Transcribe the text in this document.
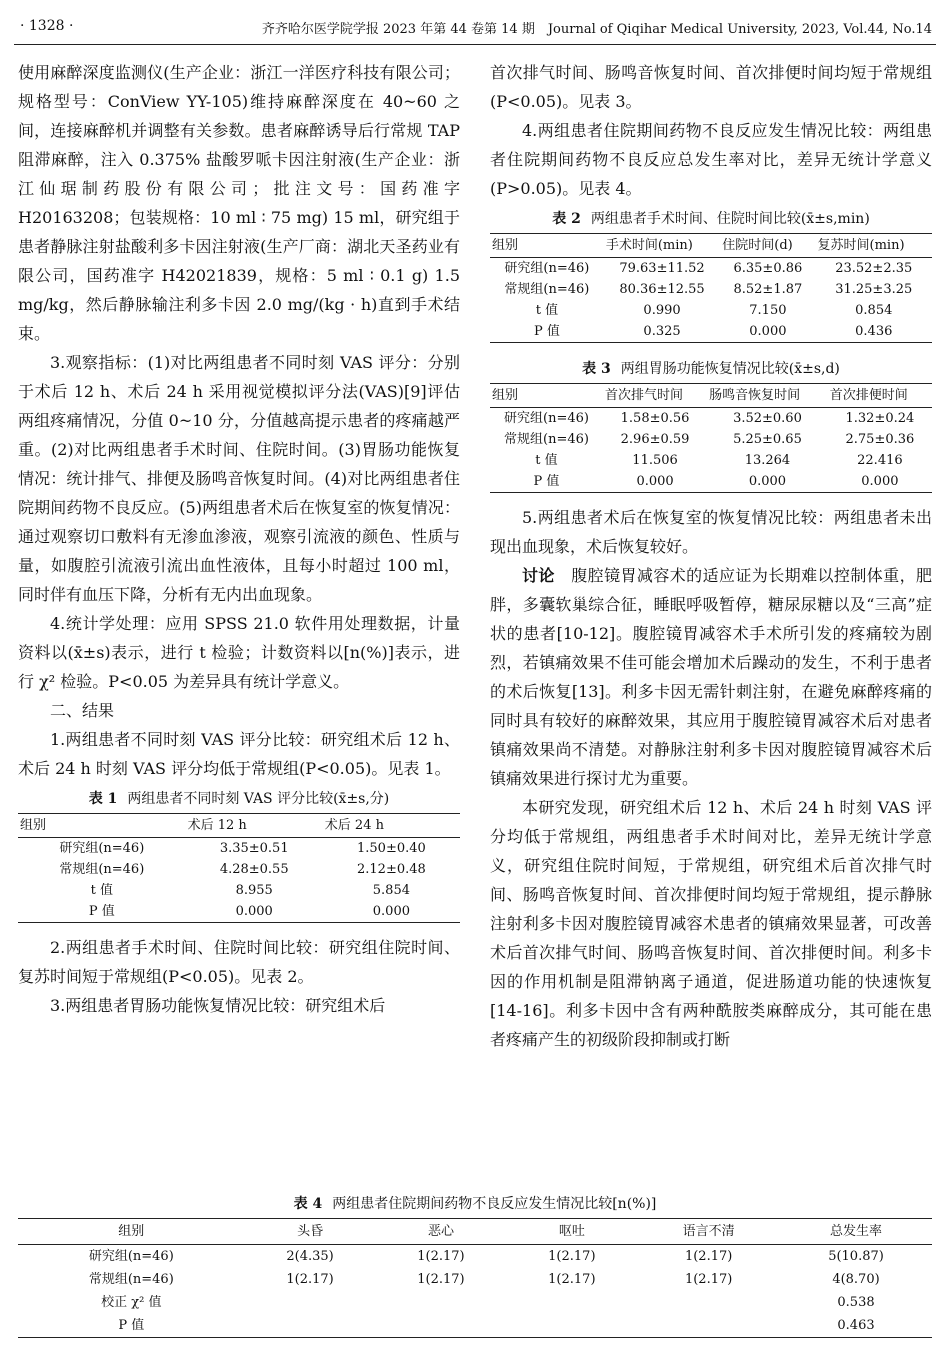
· 1328 ·	齐齐哈尔医学院学报 2023 年第 44 卷第 14 期　Journal of Qiqihar Medical University, 2023, Vol.44, No.14

使用麻醉深度监测仪(生产企业：浙江一洋医疗科技有限公司；规格型号：ConView YY-105)维持麻醉深度在 40~60 之间，连接麻醉机并调整有关参数。患者麻醉诱导后行常规 TAP 阻滞麻醉，注入 0.375% 盐酸罗哌卡因注射液(生产企业：浙江仙琚制药股份有限公司；批注文号：国药准字 H20163208；包装规格：10 ml ∶ 75 mg) 15 ml，研究组于患者静脉注射盐酸利多卡因注射液(生产厂商：湖北天圣药业有限公司，国药准字 H42021839，规格：5 ml ∶ 0.1 g) 1.5 mg/kg，然后静脉输注利多卡因 2.0 mg/(kg · h)直到手术结束。

3.观察指标：(1)对比两组患者不同时刻 VAS 评分：分别于术后 12 h、术后 24 h 采用视觉模拟评分法(VAS)[9]评估两组疼痛情况，分值 0~10 分，分值越高提示患者的疼痛越严重。(2)对比两组患者手术时间、住院时间。(3)胃肠功能恢复情况：统计排气、排便及肠鸣音恢复时间。(4)对比两组患者住院期间药物不良反应。(5)两组患者术后在恢复室的恢复情况：通过观察切口敷料有无渗血渗液，观察引流液的颜色、性质与量，如腹腔引流液引流出血性液体，且每小时超过 100 ml，同时伴有血压下降，分析有无内出血现象。

4.统计学处理：应用 SPSS 21.0 软件用处理数据，计量资料以(x̄±s)表示，进行 t 检验；计数资料以[n(%)]表示，进行 χ² 检验。P<0.05 为差异具有统计学意义。

二、结果

1.两组患者不同时刻 VAS 评分比较：研究组术后 12 h、术后 24 h 时刻 VAS 评分均低于常规组(P<0.05)。见表 1。

表 1 两组患者不同时刻 VAS 评分比较(x̄±s,分)
组别	术后 12 h	术后 24 h
研究组(n=46)	3.35±0.51	1.50±0.40
常规组(n=46)	4.28±0.55	2.12±0.48
t 值	8.955	5.854
P 值	0.000	0.000

2.两组患者手术时间、住院时间比较：研究组住院时间、复苏时间短于常规组(P<0.05)。见表 2。

3.两组患者胃肠功能恢复情况比较：研究组术后

首次排气时间、肠鸣音恢复时间、首次排便时间均短于常规组(P<0.05)。见表 3。

4.两组患者住院期间药物不良反应发生情况比较：两组患者住院期间药物不良反应总发生率对比，差异无统计学意义(P>0.05)。见表 4。

表 2 两组患者手术时间、住院时间比较(x̄±s,min)
组别	手术时间(min)	住院时间(d)	复苏时间(min)
研究组(n=46)	79.63±11.52	6.35±0.86	23.52±2.35
常规组(n=46)	80.36±12.55	8.52±1.87	31.25±3.25
t 值	0.990	7.150	0.854
P 值	0.325	0.000	0.436
表 3 两组胃肠功能恢复情况比较(x̄±s,d)
组别	首次排气时间	肠鸣音恢复时间	首次排便时间
研究组(n=46)	1.58±0.56	3.52±0.60	1.32±0.24
常规组(n=46)	2.96±0.59	5.25±0.65	2.75±0.36
t 值	11.506	13.264	22.416
P 值	0.000	0.000	0.000

5.两组患者术后在恢复室的恢复情况比较：两组患者未出现出血现象，术后恢复较好。

讨论　腹腔镜胃减容术的适应证为长期难以控制体重，肥胖，多囊软巢综合征，睡眠呼吸暂停，糖尿尿糖以及“三高”症状的患者[10-12]。腹腔镜胃减容术手术所引发的疼痛较为剧烈，若镇痛效果不佳可能会增加术后躁动的发生，不利于患者的术后恢复[13]。利多卡因无需针刺注射，在避免麻醉疼痛的同时具有较好的麻醉效果，其应用于腹腔镜胃减容术后对患者镇痛效果尚不清楚。对静脉注射利多卡因对腹腔镜胃减容术后镇痛效果进行探讨尤为重要。

本研究发现，研究组术后 12 h、术后 24 h 时刻 VAS 评分均低于常规组，两组患者手术时间对比，差异无统计学意义，研究组住院时间短，于常规组，研究组术后首次排气时间、肠鸣音恢复时间、首次排便时间均短于常规组，提示静脉注射利多卡因对腹腔镜胃减容术患者的镇痛效果显著，可改善术后首次排气时间、肠鸣音恢复时间、首次排便时间。利多卡因的作用机制是阻滞钠离子通道，促进肠道功能的快速恢复[14-16]。利多卡因中含有两种酰胺类麻醉成分，其可能在患者疼痛产生的初级阶段抑制或打断

表 4 两组患者住院期间药物不良反应发生情况比较[n(%)]
组别	头昏	恶心	呕吐	语言不清	总发生率
研究组(n=46)	2(4.35)	1(2.17)	1(2.17)	1(2.17)	5(10.87)
常规组(n=46)	1(2.17)	1(2.17)	1(2.17)	1(2.17)	4(8.70)
校正 χ² 值					0.538
P 值					0.463
